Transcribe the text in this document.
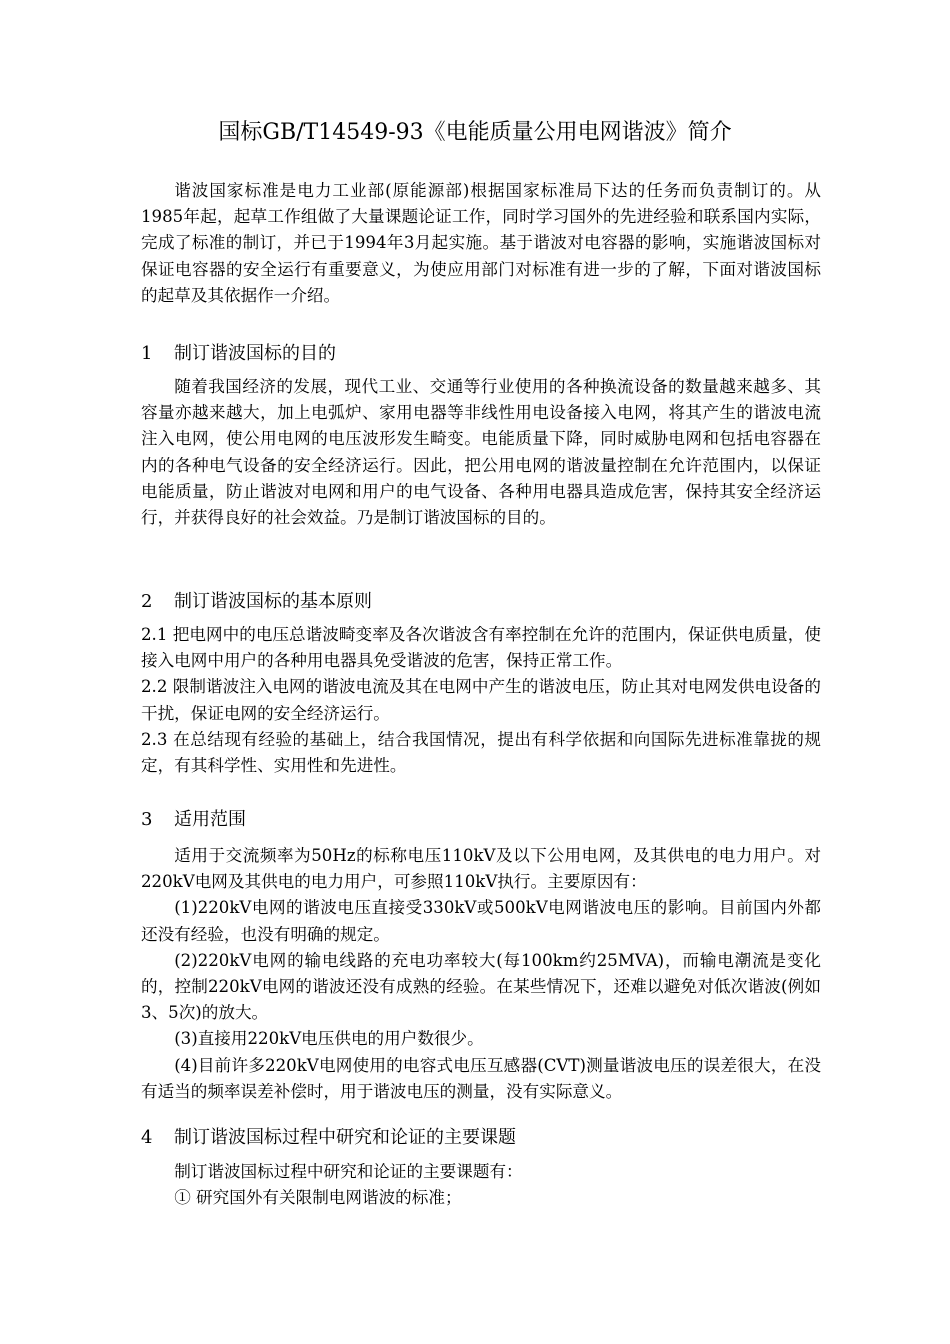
国标GB/T14549-93《电能质量公用电网谐波》简介

谐波国家标准是电力工业部(原能源部)根据国家标准局下达的任务而负责制订的。从1985年起，起草工作组做了大量课题论证工作，同时学习国外的先进经验和联系国内实际，完成了标准的制订，并已于1994年3月起实施。基于谐波对电容器的影响，实施谐波国标对保证电容器的安全运行有重要意义，为使应用部门对标准有进一步的了解，下面对谐波国标的起草及其依据作一介绍。

1 制订谐波国标的目的

随着我国经济的发展，现代工业、交通等行业使用的各种换流设备的数量越来越多、其容量亦越来越大，加上电弧炉、家用电器等非线性用电设备接入电网，将其产生的谐波电流注入电网，使公用电网的电压波形发生畸变。电能质量下降，同时威胁电网和包括电容器在内的各种电气设备的安全经济运行。因此，把公用电网的谐波量控制在允许范围内，以保证电能质量，防止谐波对电网和用户的电气设备、各种用电器具造成危害，保持其安全经济运行，并获得良好的社会效益。乃是制订谐波国标的目的。

2 制订谐波国标的基本原则

2.1 把电网中的电压总谐波畸变率及各次谐波含有率控制在允许的范围内，保证供电质量，使接入电网中用户的各种用电器具免受谐波的危害，保持正常工作。

2.2 限制谐波注入电网的谐波电流及其在电网中产生的谐波电压，防止其对电网发供电设备的干扰，保证电网的安全经济运行。

2.3 在总结现有经验的基础上，结合我国情况，提出有科学依据和向国际先进标准靠拢的规定，有其科学性、实用性和先进性。

3 适用范围

适用于交流频率为50Hz的标称电压110kV及以下公用电网，及其供电的电力用户。对220kV电网及其供电的电力用户，可参照110kV执行。主要原因有：

(1)220kV电网的谐波电压直接受330kV或500kV电网谐波电压的影响。目前国内外都还没有经验，也没有明确的规定。

(2)220kV电网的输电线路的充电功率较大(每100km约25MVA)，而输电潮流是变化的，控制220kV电网的谐波还没有成熟的经验。在某些情况下，还难以避免对低次谐波(例如3、5次)的放大。

(3)直接用220kV电压供电的用户数很少。

(4)目前许多220kV电网使用的电容式电压互感器(CVT)测量谐波电压的误差很大，在没有适当的频率误差补偿时，用于谐波电压的测量，没有实际意义。

4 制订谐波国标过程中研究和论证的主要课题

制订谐波国标过程中研究和论证的主要课题有：

① 研究国外有关限制电网谐波的标准；
